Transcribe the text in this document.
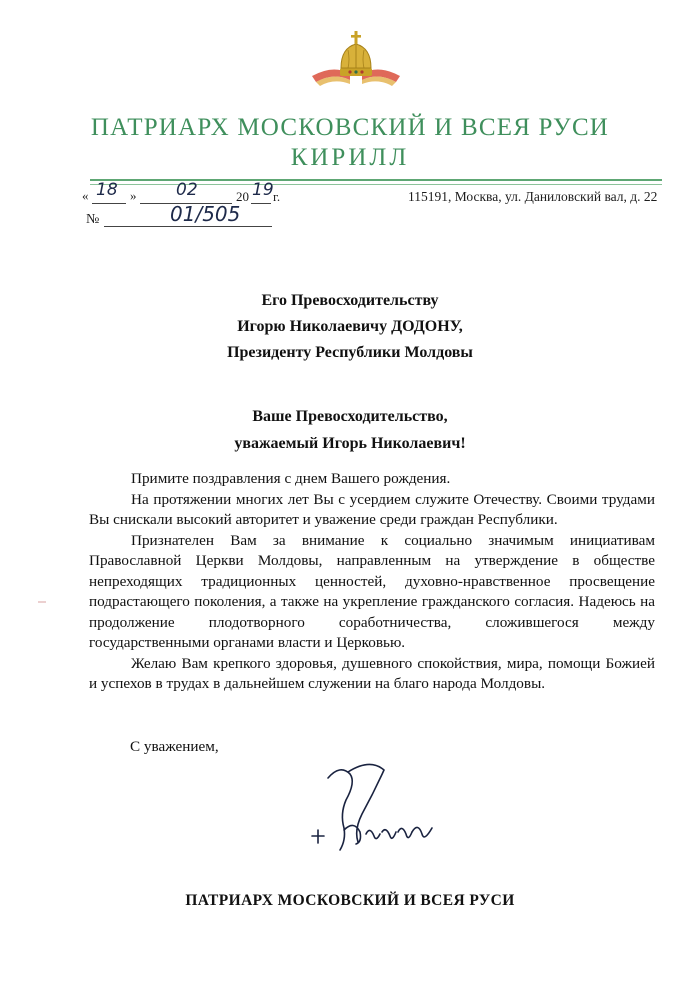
ПАТРИАРХ МОСКОВСКИЙ И ВСЕЯ РУСИ
КИРИЛЛ
« 18 » 02	20 19 г.	115191, Москва, ул. Даниловский вал, д. 22
№	01/505
Его Превосходительству
Игорю Николаевичу ДОДОНУ,
Президенту Республики Молдовы
Ваше Превосходительство,
уважаемый Игорь Николаевич!

Примите поздравления с днем Вашего рождения.

На протяжении многих лет Вы с усердием служите Отечеству. Своими трудами Вы снискали высокий авторитет и уважение среди граждан Республики.

Признателен Вам за внимание к социально значимым инициативам Православной Церкви Молдовы, направленным на утверждение в обществе непреходящих традиционных ценностей, духовно-нравственное просвещение подрастающего поколения, а также на укрепление гражданского согласия. Надеюсь на продолжение плодотворного соработничества, сложившегося между государственными органами власти и Церковью.

Желаю Вам крепкого здоровья, душевного спокойствия, мира, помощи Божией и успехов в трудах в дальнейшем служении на благо народа Молдовы.

С уважением,
ПАТРИАРХ МОСКОВСКИЙ И ВСЕЯ РУСИ
